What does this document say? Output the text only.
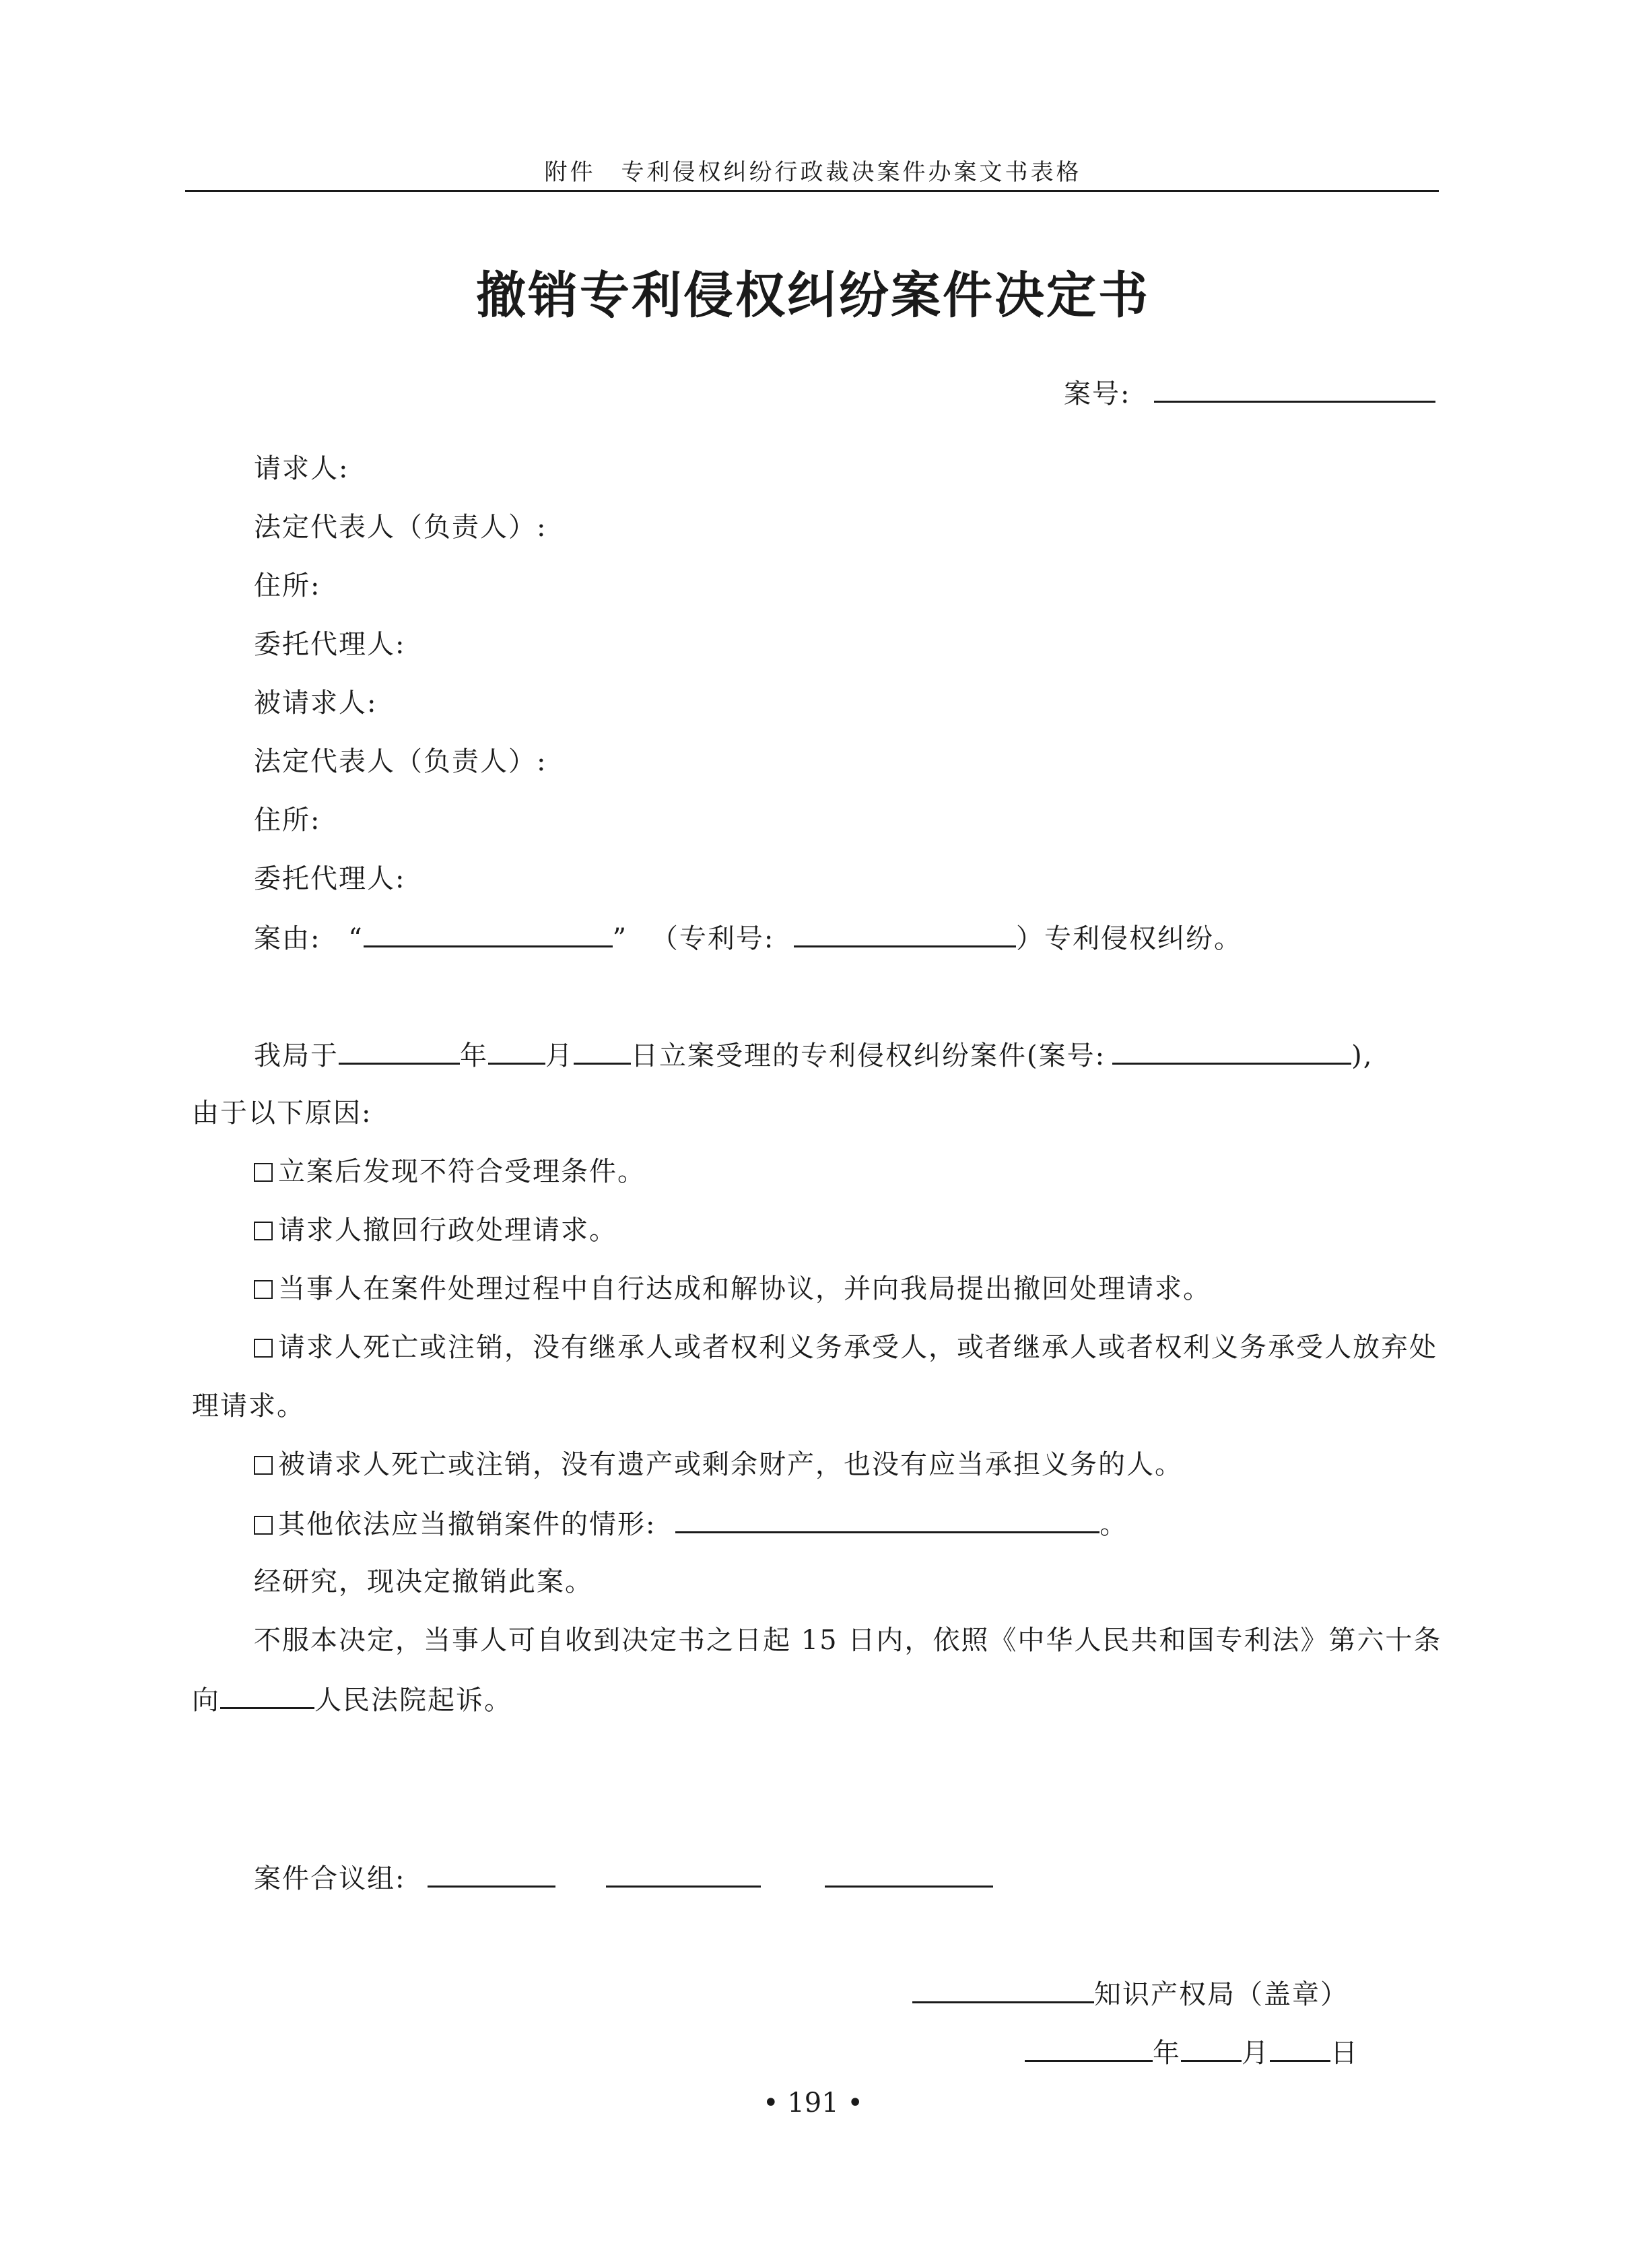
附件　专利侵权纠纷行政裁决案件办案文书表格
撤销专利侵权纠纷案件决定书
案号:
请求人:
法定代表人（负责人）:
住所:
委托代理人:
被请求人:
法定代表人（负责人）:
住所:
委托代理人:
案由: “	” （专利号:	）专利侵权纠纷。
我局于	年 月 日立案受理的专利侵权纠纷案件(案号:	),
由于以下原因:
立案后发现不符合受理条件。
请求人撤回行政处理请求。
当事人在案件处理过程中自行达成和解协议，并向我局提出撤回处理请求。
请求人死亡或注销，没有继承人或者权利义务承受人，或者继承人或者权利义务承受人放弃处
理请求。
被请求人死亡或注销，没有遗产或剩余财产，也没有应当承担义务的人。
其他依法应当撤销案件的情形:	。
经研究，现决定撤销此案。
不服本决定，当事人可自收到决定书之日起 15 日内，依照《中华人民共和国专利法》第六十条
向	人民法院起诉。
案件合议组:
知识产权局（盖章）
年 月 日
• 191 •
